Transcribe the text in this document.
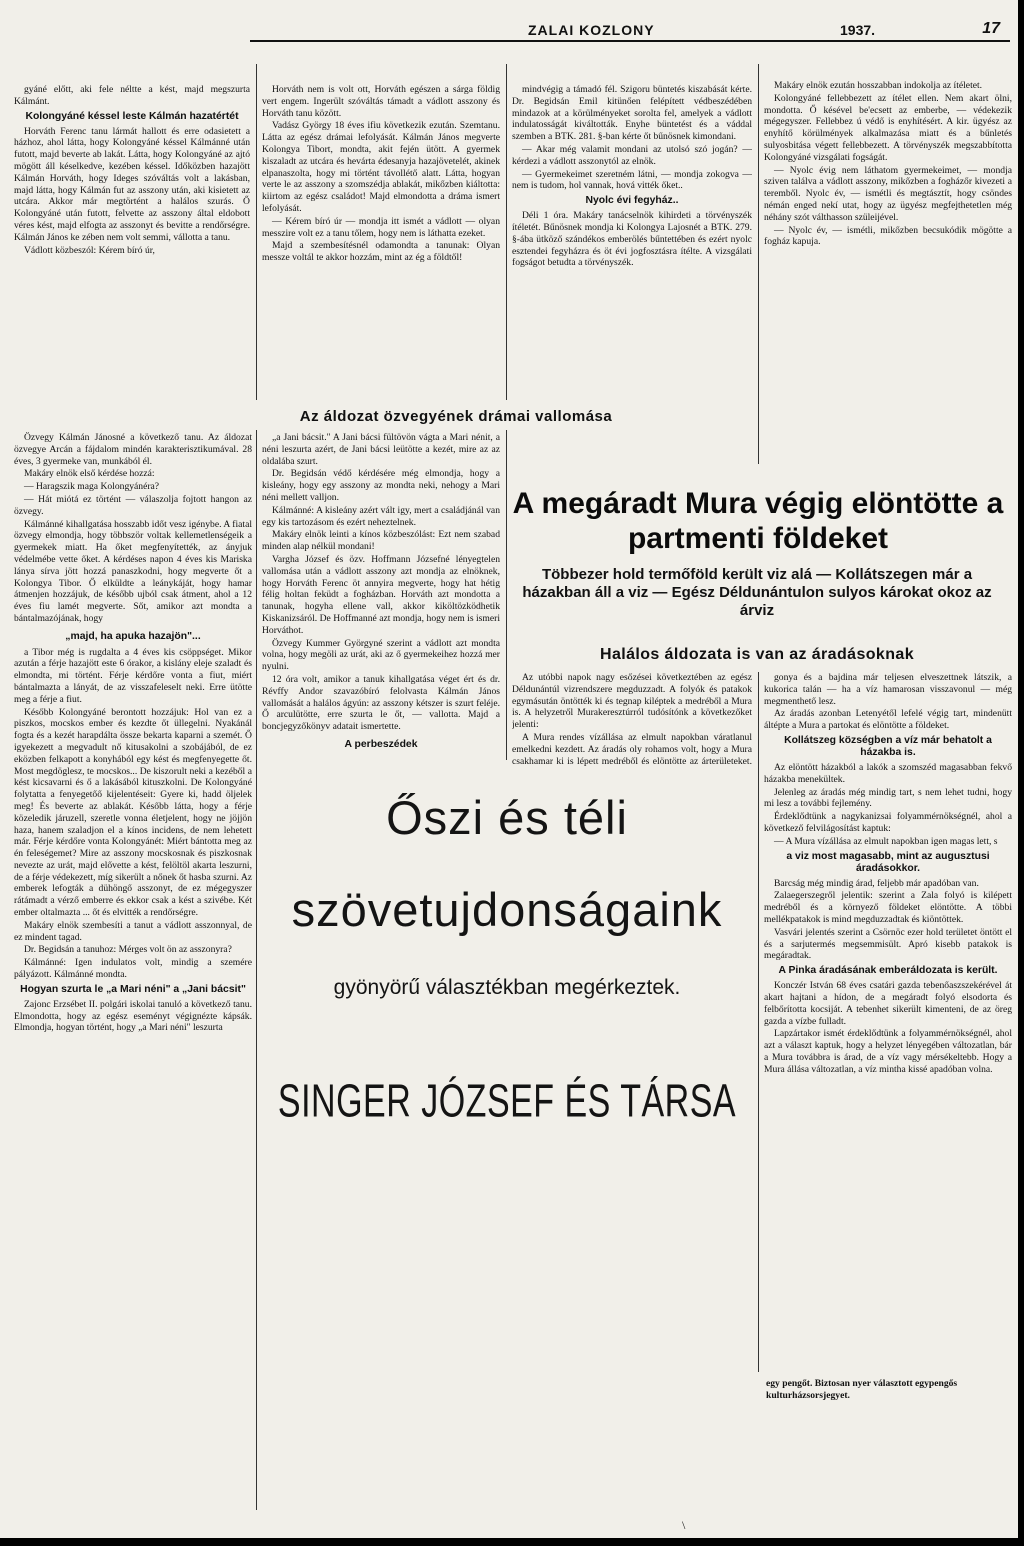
ZALAI KOZLONY	1937.	17

gyáné előtt, aki fele néltte a kést, majd megszurta Kálmánt.

Kolongyáné késsel leste Kálmán hazatértét

Horváth Ferenc tanu lármát hallott és erre odasietett a házhoz, ahol látta, hogy Kolongyáné késsel Kálmánné után futott, majd beverte ab lakát. Látta, hogy Kolongyáné az ajtó mögött áll késelkedve, kezében késsel. Időközben hazajött Kálmán Horváth, hogy Ideges szóváltás volt a lakásban, majd látta, hogy Kálmán fut az asszony után, aki kisietett az utcára. Akkor már megtörtént a halálos szurás. Ő Kolongyáné után futott, felvette az asszony által eldobott véres kést, majd elfogta az asszonyt és bevitte a rendőrségre. Kálmán János ke zében nem volt semmi, vállotta a tanu.

Vádlott közbeszól: Kérem bíró úr,

Horváth nem is volt ott, Horváth egészen a sárga földig vert engem. Ingerült szóváltás támadt a vádlott asszony és Horváth tanu között.

Vadász György 18 éves ifiu következik ezután. Szemtanu. Látta az egész drámai lefolyását. Kálmán János megverte Kolongya Tibort, mondta, akit fején ütött. A gyermek kiszaladt az utcára és hevárta édesanyja hazajövetelét, akinek elpanaszolta, hogy mi történt távollétő alatt. Látta, hogyan verte le az asszony a szomszédja ablakát, mikőzben kiáltotta: kiirtom az egész családot! Majd elmondotta a dráma ismert lefolyását.

— Kérem bíró úr — mondja itt ismét a vádlott — olyan messzire volt ez a tanu tőlem, hogy nem is láthatta ezeket.

Majd a szembesítésnél odamondta a tanunak: Olyan messze voltál te akkor hozzám, mint az ég a földtől!

mindvégig a támadó fél. Szigoru büntetés kiszabását kérte. Dr. Begidsán Emil kitünően felépített védbeszédében mindazok at a körülményeket sorolta fel, amelyek a vádlott indulatosságát kiváltották. Enyhe büntetést és a váddal szemben a BTK. 281. §-ban kérte őt bűnösnek kimondani.

— Akar még valamit mondani az utolsó szó jogán? — kérdezi a vádlott asszonytól az elnök.

— Gyermekeimet szeretném látni, — mondja zokogva — nem is tudom, hol vannak, hová vitték őket..

Nyolc évi fegyház..

Déli 1 óra. Makáry tanácselnök kihirdeti a törvényszék ítéletét. Bűnösnek mondja ki Kolongya Lajosnét a BTK. 279. §-ába ütköző szándékos emberölés bűntettében és ezért nyolc esztendei fegyházra és öt évi jogfosztásra ítélte. A vizsgálati fogságot betudta a törvényszék.

Makáry elnök ezután hosszabban indokolja az ítéletet.

Kolongyáné fellebbezett az ítélet ellen. Nem akart ölni, mondotta. Ő késével be'ecsett az emberbe, — védekezik mégegyszer. Fellebbez ú védő is enyhítésért. A kir. ügyész az enyhítő körülmények alkalmazása miatt és a bűnletés sulyosbitása végett fellebbezett. A törvényszék megszabbította Kolongyáné vizsgálati fogságát.

— Nyolc évig nem láthatom gyermekeimet, — mondja sziven találva a vádlott asszony, mikőzben a fogházőr kivezeti a teremből. Nyolc év, — ismétli és megtásztít, hogy csöndes némán enged nekí utat, hogy az ügyész megfejthetetlen még néhány szót válthasson szüleijével.

— Nyolc év, — ismétli, mikőzben becsukódik mögötte a fogház kapuja.

Az áldozat özvegyének drámai vallomása

Özvegy Kálmán Jánosné a következő tanu. Az áldozat özvegye Arcán a fájdalom mindén karakterisztikumával. 28 éves, 3 gyermeke van, munkából él.

Makáry elnök első kérdése hozzá:

— Haragszik maga Kolongyánéra?

— Hát miótá ez történt — válaszolja fojtott hangon az özvegy.

Kálmánné kihallgatása hosszabb időt vesz igénybe. A fiatal özvegy elmondja, hogy többször voltak kellemetlenségeik a gyermekek miatt. Ha őket megfenyítették, az ányjuk védelmébe vette őket. A kérdéses napon 4 éves kis Mariska lánya sírva jött hozzá panaszkodni, hogy megverte őt a Kolongya Tibor. Ő elküldte a leánykáját, hogy hamar átmenjen hozzájuk, de később ujból csak átment, ahol a 12 éves fiu lamét megverte. Sőt, amikor azt mondta a bántalmazójának, hogy

„majd, ha apuka hazajön"...

a Tibor még is rugdalta a 4 éves kis csöppséget. Mikor azután a férje hazajött este 6 órakor, a kislány eleje szaladt és elmondta, mi történt. Férje kérdőre vonta a fiut, miért bántalmazta a lányát, de az visszafeleselt neki. Erre ütötte meg a férje a fiut.

Később Kolongyáné berontott hozzájuk: Hol van ez a piszkos, mocskos ember és kezdte őt üllegelni. Nyakánál fogta és a kezét harapdálta össze bekarta kaparni a szemét. Ő igyekezett a megvadult nő kitusakolni a szobájából, de ez eközben felkapott a konyhából egy kést és megfenyegette őt. Most megdöglesz, te mocskos... De kiszorult neki a kezéből a kést kicsavarni és ő a lakásából kituszkolni. De Kolongyáné folytatta a fenyegetőő kijelentéseit: Gyere ki, hadd öljelek meg! És beverte az ablakát. Később látta, hogy a férje közeledik járuzell, szeretle vonna életjelent, hogy ne jöjjön haza, hanem szaladjon el a kínos incidens, de nem lehetett már. Férje kérdőre vonta Kolongyánét: Miért bántotta meg az én feleségemet? Mire az asszony mocskosnak és piszkosnak nevezte az urát, majd elővette a kést, felöltöl akarta leszurni, de a férje védekezett, míg sikerült a nőnek őt hasba szurni. Az emberek lefogták a dühöngő asszonyt, de ez mégegyszer rátámadt a vérző emberre és ekkor csak a kést a szivébe. Két ember oltalmazta ... őt és elvitték a rendőrségre.

Makáry elnök szembesíti a tanut a vádlott asszonnyal, de ez mindent tagad.

Dr. Begidsán a tanuhoz: Mérges volt ön az asszonyra?

Kálmánné: Igen indulatos volt, mindig a szemére pályázott. Kálmánné mondta.

Hogyan szurta le „a Mari néni" a „Jani bácsit"

Zajonc Erzsébet II. polgári iskolai tanuló a következő tanu. Elmondotta, hogy az egész eseményt végignézte kápsák. Elmondja, hogyan történt, hogy „a Mari néni" leszurta

„a Jani bácsit." A Jani bácsi fültövön vágta a Mari nénit, a néni leszurta azért, de Jani bácsi leütötte a kezét, mire az az oldalába szurt.

Dr. Begidsán védő kérdésére még elmondja, hogy a kisleány, hogy egy asszony az mondta neki, nehogy a Mari néni mellett valljon.

Kálmánné: A kisleány azért vált igy, mert a családjánál van egy kis tartozásom és ezért neheztelnek.

Makáry elnök leinti a kínos közbeszólást: Ezt nem szabad minden alap nélkül mondani!

Vargha József és özv. Hoffmann Józsefné lényegtelen vallomása után a vádlott asszony azt mondja az elnöknek, hogy Horváth Ferenc öt annyira megverte, hogy hat hétig félig holtan feküdt a fogházban. Horváth azt mondotta a tanunak, hogyha ellene vall, akkor kiköltözködhetik Kiskanizsáról. De Hoffmanné azt mondja, hogy nem is ismeri Horváthot.

Özvegy Kummer Györgyné szerint a vádlott azt mondta volna, hogy megöli az urát, aki az ő gyermekeihez hozzá mer nyulni.

12 óra volt, amikor a tanuk kihallgatása véget ért és dr. Révffy Andor szavazóbíró felolvasta Kálmán János vallomását a halálos ágyún: az asszony kétszer is szurt feléje. Ő arculütötte, erre szurta le őt, — vallotta. Majd a boncjegyzőkönyv adatait ismertette.

A perbeszédek

A megáradt Mura végig elöntötte a partmenti földeket
Többezer hold termőföld került viz alá — Kollátszegen már a házakban áll a viz — Egész Déldunántulon sulyos károkat okoz az árviz
Halálos áldozata is van az áradásoknak

Az utóbbi napok nagy esőzései következtében az egész Déldunántúl vizrendszere megduzzadt. A folyók és patakok egymásután öntötték ki és tegnap kiléptek a medréből a Mura is. A helyzetről Murakeresztúrról tudósítónk a következőket jelenti:

A Mura rendes vízállása az elmult napokban váratlanul emelkedni kezdett. Az áradás oly rohamos volt, hogy a Mura csakhamar ki is lépett medréből és elöntötte az árterületeket.

gonya és a bajdina már teljesen elveszettnek látszik, a kukorica talán — ha a víz hamarosan visszavonul — még megmenthető lesz.

Az áradás azonban Letenyétől lefelé végig tart, mindenütt áltépte a Mura a partokat és elöntötte a földeket.

Kollátszeg községben a víz már behatolt a házakba is.

Az elöntött házakból a lakók a szomszéd magasabban fekvő házakba menekültek.

Jelenleg az áradás még mindig tart, s nem lehet tudni, hogy mi lesz a további fejlemény.

Érdeklődtünk a nagykanizsai folyammérnökségnél, ahol a következő felvilágosítást kaptuk:

— A Mura vízállása az elmult napokban igen magas lett, s

a viz most magasabb, mint az augusztusi áradásokkor.

Barcság még mindig árad, feljebb már apadóban van.

Zalaegerszegről jelentik: szerint a Zala folyó is kilépett medréből és a környező földeket elöntötte. A többi mellékpatakok is mind megduzzadtak és kiöntöttek.

Vasvári jelentés szerint a Csörnöc ezer hold területet öntött el és a sarjutermés megsemmisült. Apró kisebb patakok is megáradtak.

A Pinka áradásának emberáldozata is került.

Konczér István 68 éves csatári gazda tebenőaszszekérével át akart hajtani a hídon, de a megáradt folyó elsodorta és felbőrította kocsiját. A tebenhet sikerült kimenteni, de az öreg gazda a vízbe fulladt.

Lapzártakor ismét érdeklődtünk a folyammérnökségnél, ahol azt a választ kaptuk, hogy a helyzet lényegében változatlan, bár a Mura továbbra is árad, de a víz vagy mérsékeltebb. Hogy a Mura állása változatlan, a víz mintha kissé apadóban volna.

Őszi és téli
szövetujdonságaink
gyönyörű választékban megérkeztek.
SINGER JÓZSEF ÉS TÁRSA
egy pengőt. Biztosan nyer választott egypengős kulturházsorsjegyet.
\
